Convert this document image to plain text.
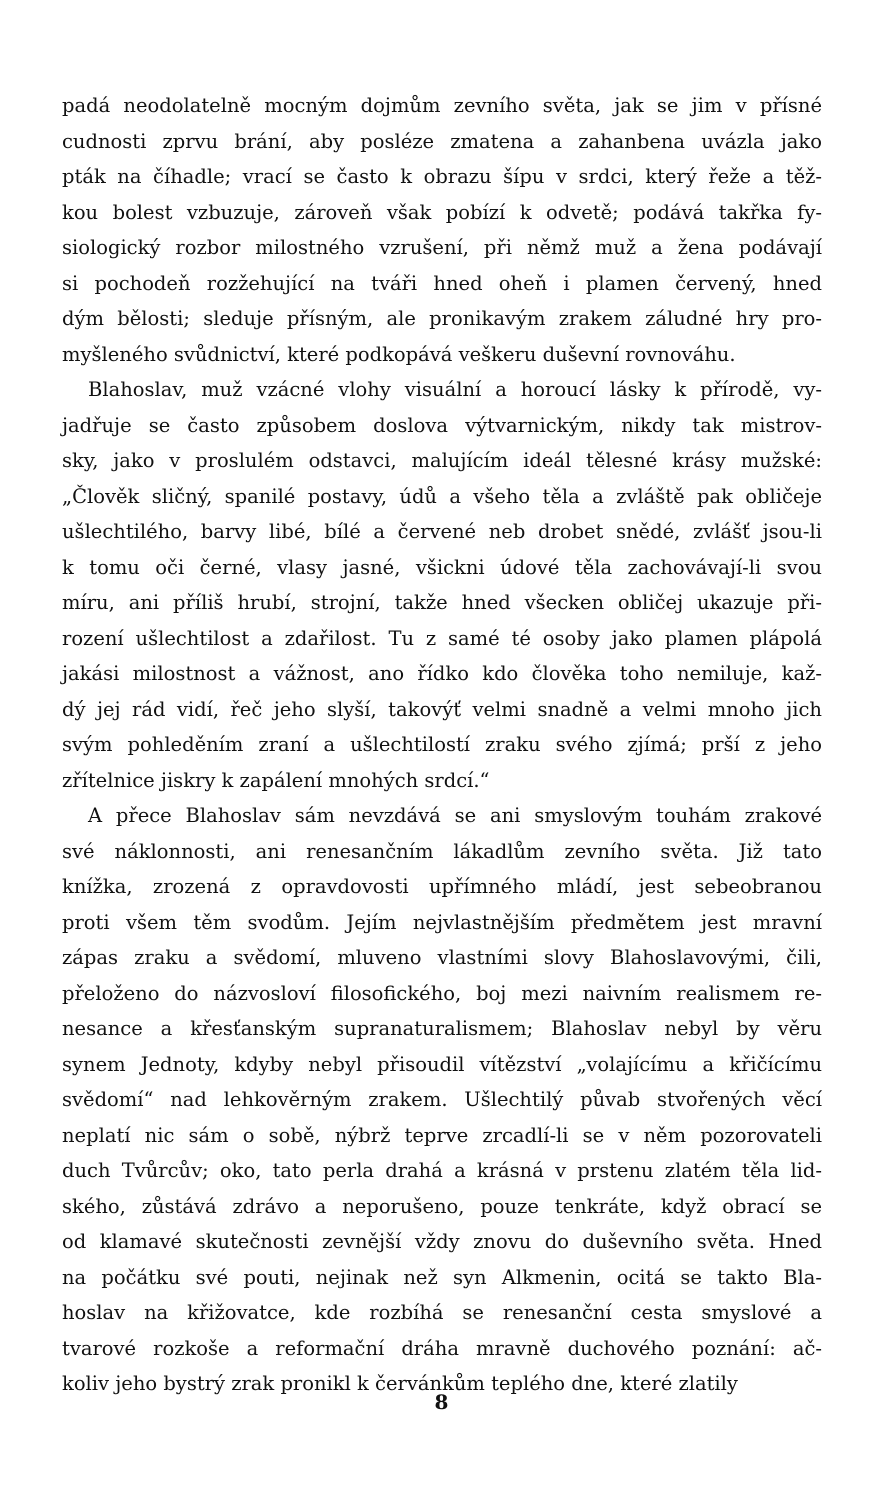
padá neodolatelně mocným dojmům zevního světa, jak se jim v přísné
cudnosti zprvu brání, aby posléze zmatena a zahanbena uvázla jako
pták na číhadle; vrací se často k obrazu šípu v srdci, který řeže a těž-
kou bolest vzbuzuje, zároveň však pobízí k odvetě; podává takřka fy-
siologický rozbor milostného vzrušení, při němž muž a žena podávají
si pochodeň rozžehující na tváři hned oheň i plamen červený, hned
dým bělosti; sleduje přísným, ale pronikavým zrakem záludné hry pro-
myšleného svůdnictví, které podkopává veškeru duševní rovnováhu.
Blahoslav, muž vzácné vlohy visuální a horoucí lásky k přírodě, vy-
jadřuje se často způsobem doslova výtvarnickým, nikdy tak mistrov-
sky, jako v proslulém odstavci, malujícím ideál tělesné krásy mužské:
„Člověk sličný, spanilé postavy, údů a všeho těla a zvláště pak obličeje
ušlechtilého, barvy libé, bílé a červené neb drobet snědé, zvlášť jsou-li
k tomu oči černé, vlasy jasné, všickni údové těla zachovávají-li svou
míru, ani příliš hrubí, strojní, takže hned všecken obličej ukazuje při-
rození ušlechtilost a zdařilost. Tu z samé té osoby jako plamen plápolá
jakási milostnost a vážnost, ano řídko kdo člověka toho nemiluje, kaž-
dý jej rád vidí, řeč jeho slyší, takovýť velmi snadně a velmi mnoho jich
svým pohleděním zraní a ušlechtilostí zraku svého zjímá; prší z jeho
zřítelnice jiskry k zapálení mnohých srdcí.“
A přece Blahoslav sám nevzdává se ani smyslovým touhám zrakové
své náklonnosti, ani renesančním lákadlům zevního světa. Již tato
knížka, zrozená z opravdovosti upřímného mládí, jest sebeobranou
proti všem těm svodům. Jejím nejvlastnějším předmětem jest mravní
zápas zraku a svědomí, mluveno vlastními slovy Blahoslavovými, čili,
přeloženo do názvosloví filosofického, boj mezi naivním realismem re-
nesance a křesťanským supranaturalismem; Blahoslav nebyl by věru
synem Jednoty, kdyby nebyl přisoudil vítězství „volajícímu a křičícímu
svědomí“ nad lehkověrným zrakem. Ušlechtilý půvab stvořených věcí
neplatí nic sám o sobě, nýbrž teprve zrcadlí-li se v něm pozorovateli
duch Tvůrcův; oko, tato perla drahá a krásná v prstenu zlatém těla lid-
ského, zůstává zdrávo a neporušeno, pouze tenkráte, když obrací se
od klamavé skutečnosti zevnější vždy znovu do duševního světa. Hned
na počátku své pouti, nejinak než syn Alkmenin, ocitá se takto Bla-
hoslav na křižovatce, kde rozbíhá se renesanční cesta smyslové a
tvarové rozkoše a reformační dráha mravně duchového poznání: ač-
koliv jeho bystrý zrak pronikl k červánkům teplého dne, které zlatily
8
